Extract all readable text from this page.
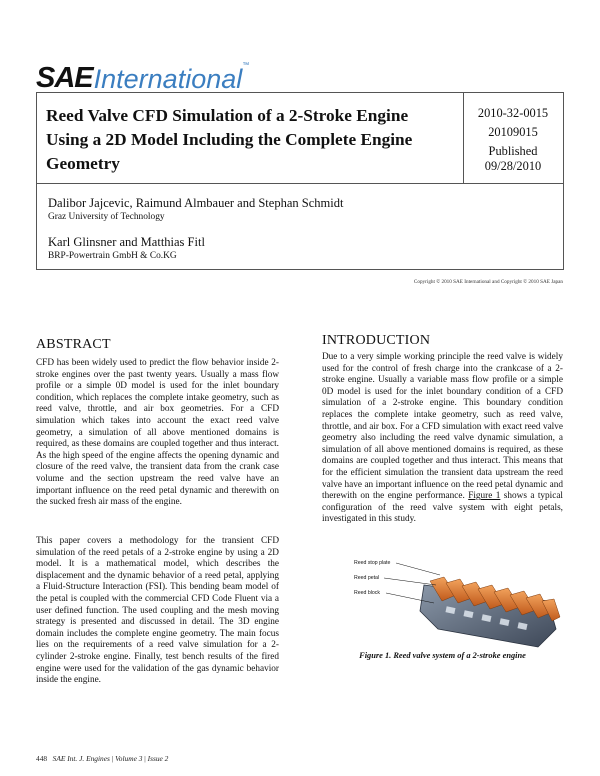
SAEInternational™
Reed Valve CFD Simulation of a 2-Stroke Engine Using a 2D Model Including the Complete Engine Geometry
2010-32-0015
20109015
Published
09/28/2010
Dalibor Jajcevic, Raimund Almbauer and Stephan Schmidt
Graz University of Technology
Karl Glinsner and Matthias Fitl
BRP-Powertrain GmbH & Co.KG
Copyright © 2010 SAE International and Copyright © 2010 SAE Japan
ABSTRACT
CFD has been widely used to predict the flow behavior inside 2-stroke engines over the past twenty years. Usually a mass flow profile or a simple 0D model is used for the inlet boundary condition, which replaces the complete intake geometry, such as reed valve, throttle, and air box geometries. For a CFD simulation which takes into account the exact reed valve geometry, a simulation of all above mentioned domains is required, as these domains are coupled together and thus interact. As the high speed of the engine affects the opening dynamic and closure of the reed valve, the transient data from the crank case volume and the section upstream the reed valve have an important influence on the reed petal dynamic and therewith on the sucked fresh air mass of the engine.
This paper covers a methodology for the transient CFD simulation of the reed petals of a 2-stroke engine by using a 2D model. It is a mathematical model, which describes the displacement and the dynamic behavior of a reed petal, applying a Fluid-Structure Interaction (FSI). This bending beam model of the petal is coupled with the commercial CFD Code Fluent via a user defined function. The used coupling and the mesh moving strategy is presented and discussed in detail. The 3D engine domain includes the complete engine geometry. The main focus lies on the requirements of a reed valve simulation for a 2-cylinder 2-stroke engine. Finally, test bench results of the fired engine were used for the validation of the gas dynamic behavior inside the engine.
INTRODUCTION
Due to a very simple working principle the reed valve is widely used for the control of fresh charge into the crankcase of a 2-stroke engine. Usually a variable mass flow profile or a simple 0D model is used for the inlet boundary condition of a CFD simulation of a 2-stroke engine. This boundary condition replaces the complete intake geometry, such as reed valve, throttle, and air box. For a CFD simulation with exact reed valve geometry also including the reed valve dynamic simulation, a simulation of all above mentioned domains is required, as these domains are coupled together and thus interact. This means that for the efficient simulation the transient data upstream the reed valve have an important influence on the reed petal dynamic and therewith on the engine performance. Figure 1 shows a typical configuration of the reed valve system with eight petals, investigated in this study.
Reed stop plate
Reed petal
Reed block
Figure 1. Reed valve system of a 2-stroke engine
448 SAE Int. J. Engines | Volume 3 | Issue 2
